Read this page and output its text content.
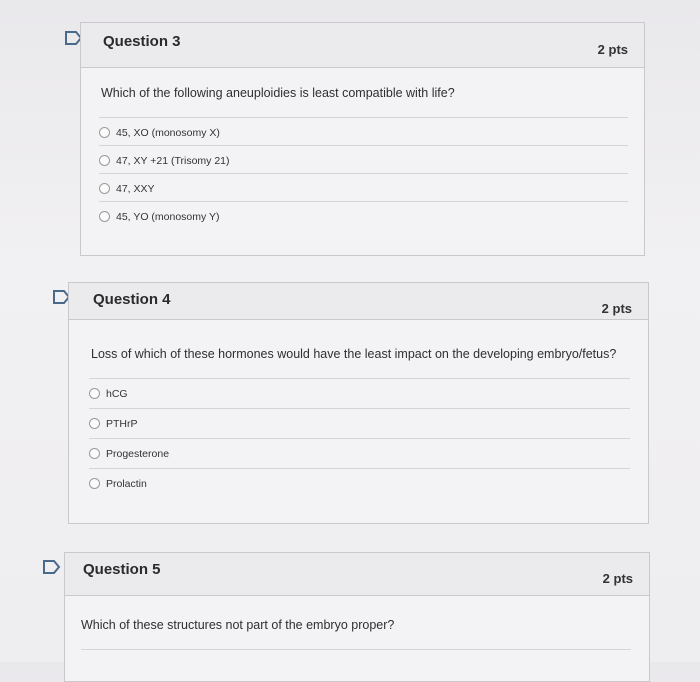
Question 3	2 pts
Which of the following aneuploidies is least compatible with life?
45, XO (monosomy X)
47, XY +21 (Trisomy 21)
47, XXY
45, YO (monosomy Y)
Question 4
2 pts
Loss of which of these hormones would have the least impact on the developing embryo/fetus?
hCG
PTHrP
Progesterone
Prolactin
Question 5
2 pts
Which of these structures not part of the embryo proper?
